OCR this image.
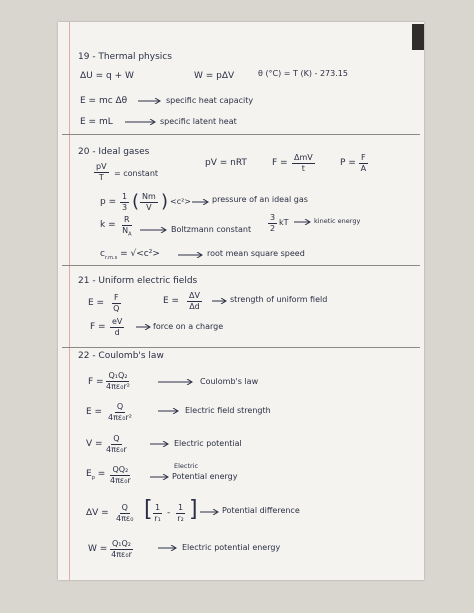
19 - Thermal physics
ΔU = q + W	W = pΔV	θ (°C) = T (K) - 273.15
E = mc Δθ	specific heat capacity
E = mL	specific latent heat
20 - Ideal gases
$\frac{pV}{T}$ = constant
pV = nRT	F =
ΔmV
t
$P = \frac{F}{A}$
$p = \frac{1}{3}$ ( $\frac{Nm}{V}$ ) <c²>	pressure of an ideal gas
$k = \frac{R}{N_A}$	Boltzmann constant $\frac{3}{2}$ kT	kinetic energy
$c_{r.m.s} = √<c^2>$	root mean square speed
21 - Uniform electric fields
$E = \frac{F}{Q}$	$E = \frac{\Delta V}{\Delta d}$	strength of uniform field
$F = \frac{eV}{d}$	force on a charge
22 - Coulomb's law
$F = \frac{\text{Q₁Q₂}}{\text{4πε₀r²}}$	Coulomb's law
$E = \frac{Q}{\text{4πε₀r²}}$	Electric field strength
$V = \frac{Q}{\text{4πε₀r}}$	Electric potential
$E_p = \frac{\text{QQ₂}}{\text{4πε₀r}}$	Electric
Potential energy
$\Delta V = \frac{Q}{\text{4πε₀}}$ [ $\frac{1}{\text{r₁}} - \frac{1}{\text{r₂}}$ ]	Potential difference
$W = \frac{\text{Q₁Q₂}}{\text{4πε₀r}}$	Electric potential energy
